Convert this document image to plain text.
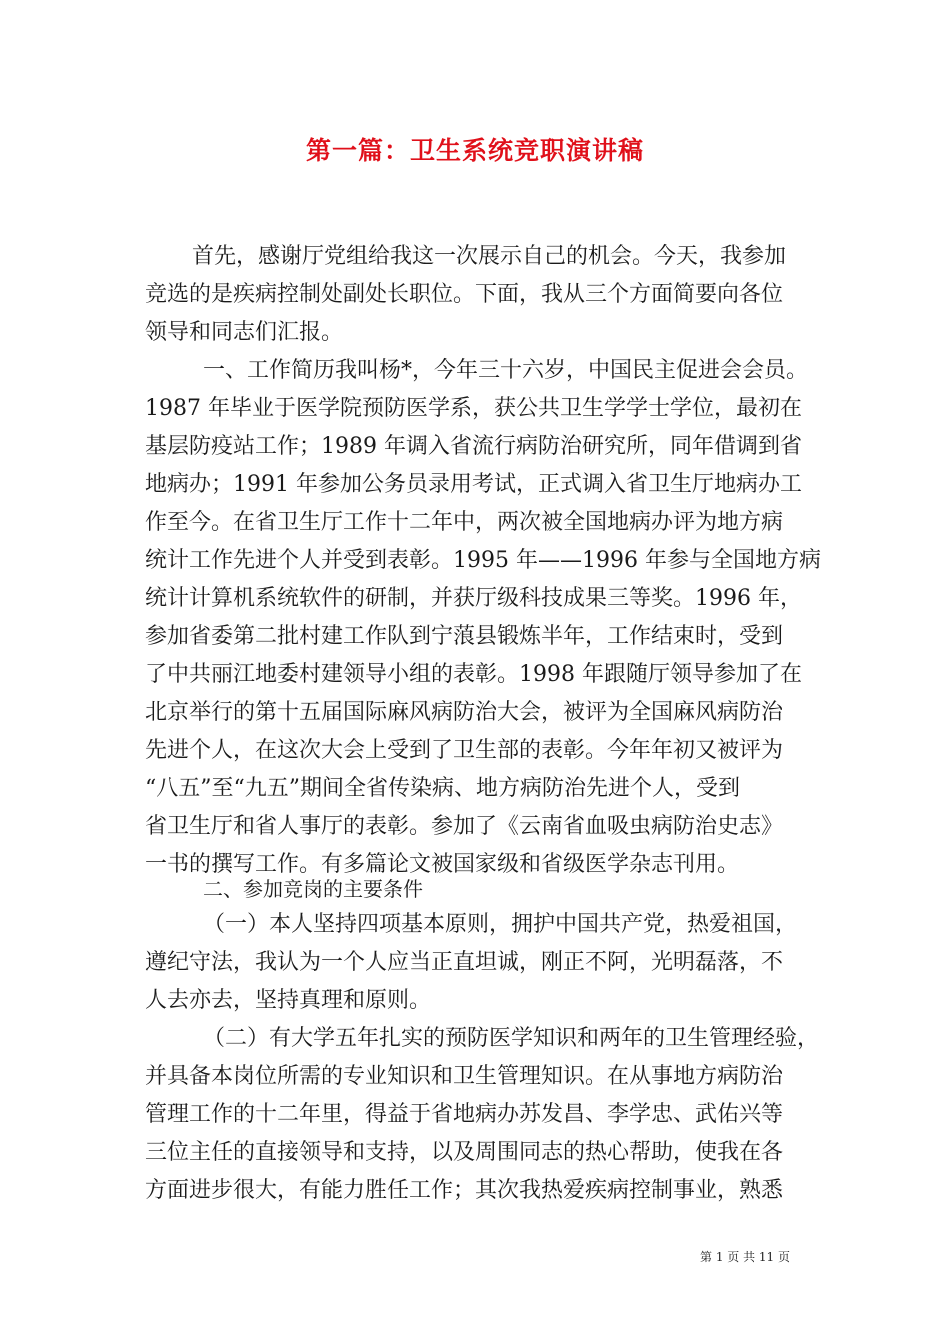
第一篇：卫生系统竞职演讲稿
首先，感谢厅党组给我这一次展示自己的机会。今天，我参加
竞选的是疾病控制处副处长职位。下面，我从三个方面简要向各位
领导和同志们汇报。
一、工作简历我叫杨*，今年三十六岁，中国民主促进会会员。
1987 年毕业于医学院预防医学系，获公共卫生学学士学位，最初在
基层防疫站工作；1989 年调入省流行病防治研究所，同年借调到省
地病办；1991 年参加公务员录用考试，正式调入省卫生厅地病办工
作至今。在省卫生厅工作十二年中，两次被全国地病办评为地方病
统计工作先进个人并受到表彰。1995 年——1996 年参与全国地方病
统计计算机系统软件的研制，并获厅级科技成果三等奖。1996 年，
参加省委第二批村建工作队到宁蒗县锻炼半年，工作结束时，受到
了中共丽江地委村建领导小组的表彰。1998 年跟随厅领导参加了在
北京举行的第十五届国际麻风病防治大会，被评为全国麻风病防治
先进个人，在这次大会上受到了卫生部的表彰。今年年初又被评为
“八五”至“九五”期间全省传染病、地方病防治先进个人，受到
省卫生厅和省人事厅的表彰。参加了《云南省血吸虫病防治史志》
一书的撰写工作。有多篇论文被国家级和省级医学杂志刊用。
二、参加竞岗的主要条件
（一）本人坚持四项基本原则，拥护中国共产党，热爱祖国，
遵纪守法，我认为一个人应当正直坦诚，刚正不阿，光明磊落，不
人去亦去，坚持真理和原则。
（二）有大学五年扎实的预防医学知识和两年的卫生管理经验，
并具备本岗位所需的专业知识和卫生管理知识。在从事地方病防治
管理工作的十二年里，得益于省地病办苏发昌、李学忠、武佑兴等
三位主任的直接领导和支持，以及周围同志的热心帮助，使我在各
方面进步很大，有能力胜任工作；其次我热爱疾病控制事业，熟悉
第 1 页 共 11 页
